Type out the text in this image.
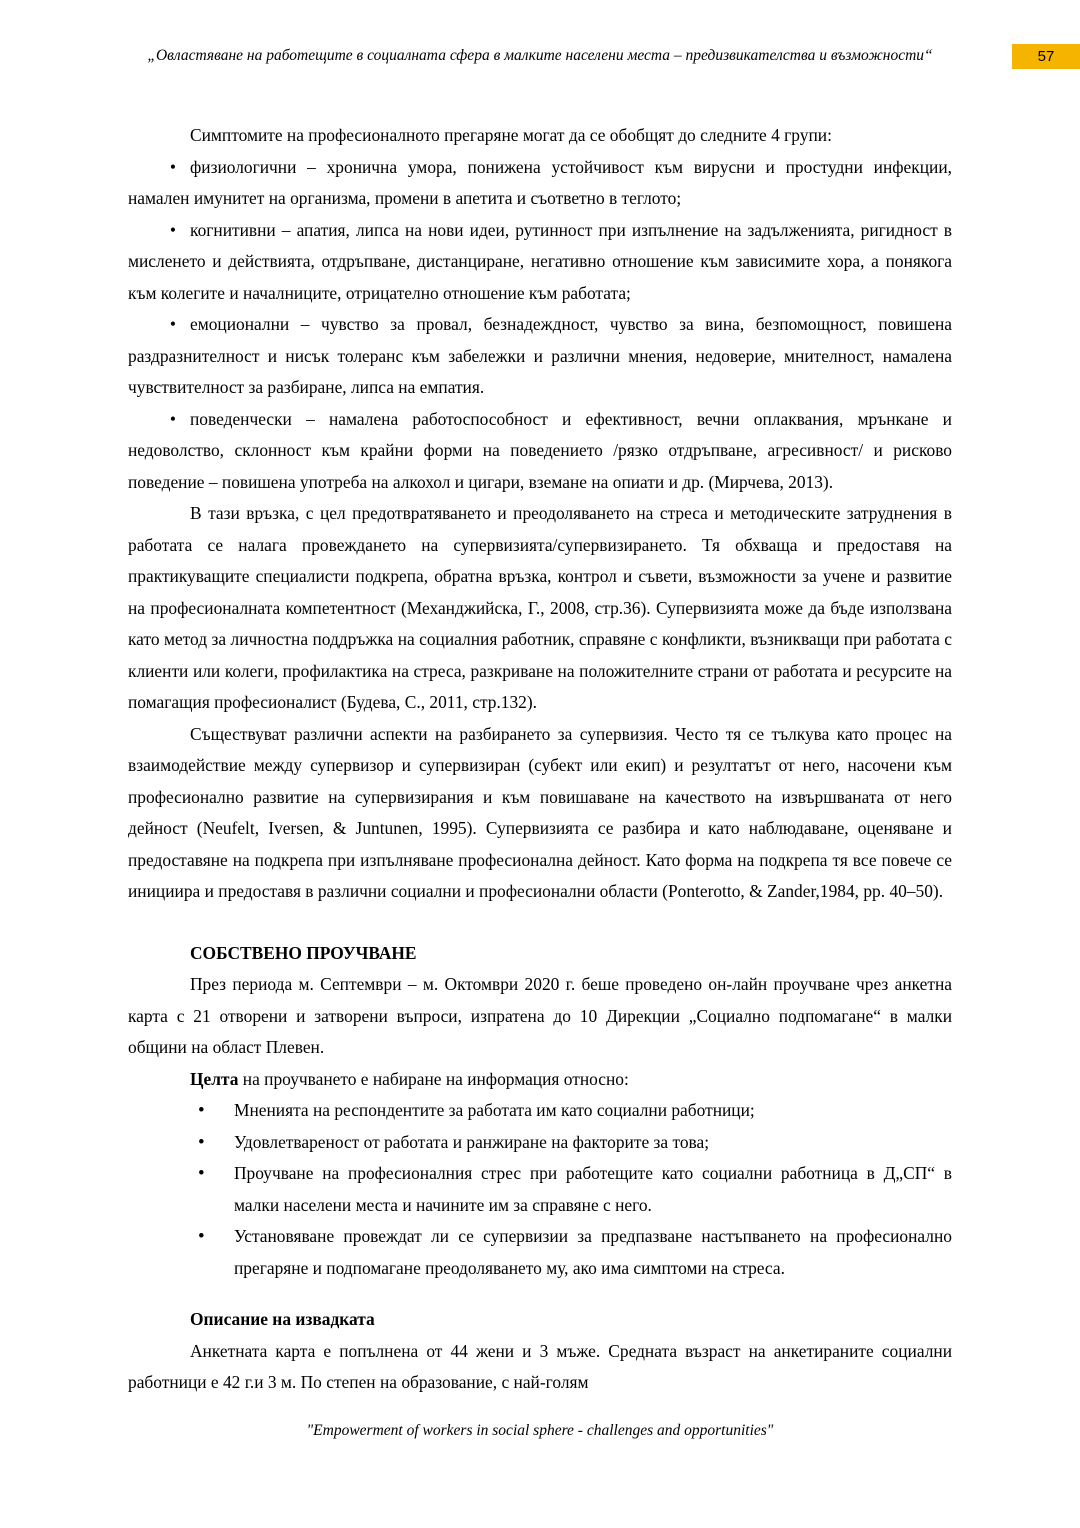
„Овластяване на работещите в социалната сфера в малките населени места – предизвикателства и възможности“	57

Симптомите на професионалното прегаряне могат да се обобщят до следните 4 групи:

• физиологични – хронична умора, понижена устойчивост към вирусни и простудни инфекции, намален имунитет на организма, промени в апетита и съответно в теглото;

• когнитивни – апатия, липса на нови идеи, рутинност при изпълнение на задълженията, ригидност в мисленето и действията, отдръпване, дистанциране, негативно отношение към зависимите хора, а понякога към колегите и началниците, отрицателно отношение към работата;

• емоционални – чувство за провал, безнадеждност, чувство за вина, безпомощност, повишена раздразнителност и нисък толеранс към забележки и различни мнения, недоверие, мнителност, намалена чувствителност за разбиране, липса на емпатия.

• поведенчески – намалена работоспособност и ефективност, вечни оплаквания, мрънкане и недоволство, склонност към крайни форми на поведението /рязко отдръпване, агресивност/ и рисково поведение – повишена употреба на алкохол и цигари, взeмане на опиати и др. (Мирчева, 2013).

В тази връзка, с цел предотвратяването и преодоляването на стреса и методическите затруднения в работата се налага провеждането на супервизията/супервизирането. Тя обхваща и предоставя на практикуващите специалисти подкрепа, обратна връзка, контрол и съвети, възможности за учене и развитие на професионалната компетентност (Механджийска, Г., 2008, стр.36). Супервизията може да бъде използвана като метод за личностна поддръжка на социалния работник, справяне с конфликти, възникващи при работата с клиенти или колеги, профилактика на стреса, разкриване на положителните страни от работата и ресурсите на помагащия професионалист (Будева, С., 2011, стр.132).

Съществуват различни аспекти на разбирането за супервизия. Често тя се тълкува като процес на взаимодействие между супервизор и супервизиран (субект или екип) и резултатът от него, насочени към професионално развитие на супервизирания и към повишаване на качеството на извършваната от него дейност (Neufelt, Iversen, & Juntunen, 1995). Супервизията се разбира и като наблюдаване, оценяване и предоставяне на подкрепа при изпълняване професионална дейност. Като форма на подкрепа тя все повече се инициира и предоставя в различни социални и професионални области (Ponterotto, & Zander,1984, pp. 40–50).

СОБСТВЕНО ПРОУЧВАНЕ

През периода м. Септември – м. Октомври 2020 г. беше проведено он-лайн проучване чрез анкетна карта с 21 отворени и затворени въпроси, изпратена до 10 Дирекции „Социално подпомагане“ в малки общини на област Плевен.

Целта на проучването е набиране на информация относно:

• Мненията на респондентите за работата им като социални работници;
• Удовлетвареност от работата и ранжиране на факторите за това;
• Проучване на професионалния стрес при работещите като социални работница в Д„СП“ в малки населени места и начините им за справяне с него.
• Установяване провеждат ли се супервизии за предпазване настъпването на професионално прегаряне и подпомагане преодоляването му, ако има симптоми на стреса.

Описание на извадката

Анкетната карта е попълнена от 44 жени и 3 мъже. Средната възраст на анкетираните социални работници е 42 г.и 3 м. По степен на образование, с най-голям

"Empowerment of workers in social sphere - challenges and opportunities"
